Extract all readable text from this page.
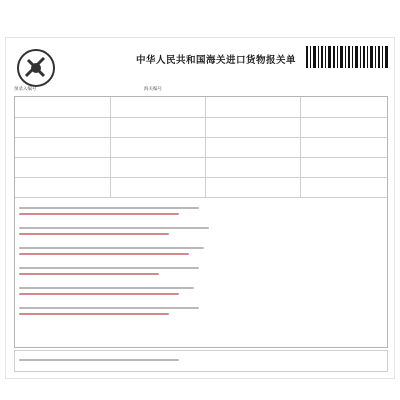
中华人民共和国海关进口货物报关单
预录入编号	海关编号
